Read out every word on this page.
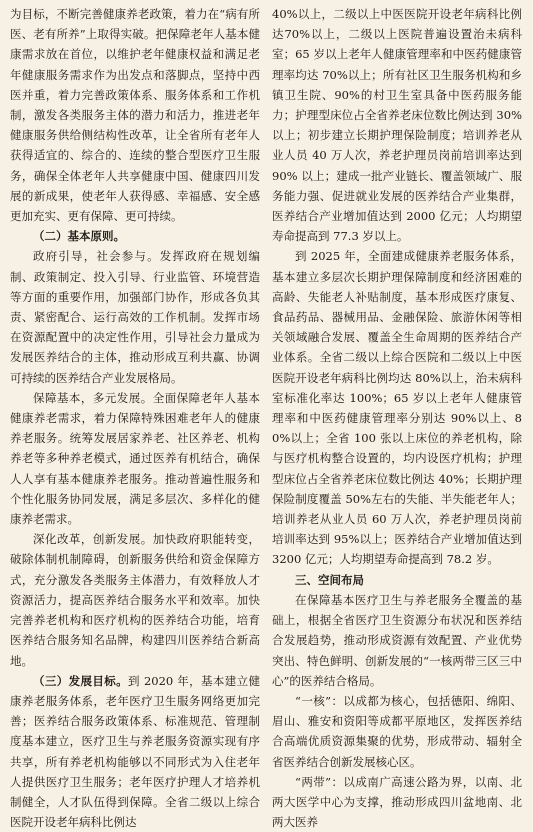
为目标，不断完善健康养老政策，着力在“病有所医、老有所养”上取得实破。把保障老年人基本健康需求放在首位，以维护老年健康权益和满足老年健康服务需求作为出发点和落脚点，坚持中西医并重，着力完善政策体系、服务体系和工作机制，激发各类服务主体的潜力和活力，推进老年健康服务供给侧结构性改革，让全省所有老年人获得适宜的、综合的、连续的整合型医疗卫生服务，确保全体老年人共享健康中国、健康四川发展的新成果，使老年人获得感、幸福感、安全感更加充实、更有保障、更可持续。

（二）基本原则。

政府引导，社会参与。发挥政府在规划编制、政策制定、投入引导、行业监管、环境营造等方面的重要作用，加强部门协作，形成各负其责、紧密配合、运行高效的工作机制。发挥市场在资源配置中的决定性作用，引导社会力量成为发展医养结合的主体，推动形成互利共赢、协调可持续的医养结合产业发展格局。

保障基本，多元发展。全面保障老年人基本健康养老需求，着力保障特殊困难老年人的健康养老服务。统筹发展居家养老、社区养老、机构养老等多种养老模式，通过医养有机结合，确保人人享有基本健康养老服务。推动普遍性服务和个性化服务协同发展，满足多层次、多样化的健康养老需求。

深化改革，创新发展。加快政府职能转变，破除体制机制障碍，创新服务供给和资金保障方式，充分激发各类服务主体潜力，有效释放人才资源活力，提高医养结合服务水平和效率。加快完善养老机构和医疗机构的医养结合功能，培育医养结合服务知名品牌，构建四川医养结合新高地。

（三）发展目标。到 2020 年，基本建立健康养老服务体系，老年医疗卫生服务网络更加完善；医养结合服务政策体系、标准规范、管理制度基本建立，医疗卫生与养老服务资源实现有序共享，所有养老机构能够以不同形式为入住老年人提供医疗卫生服务；老年医疗护理人才培养机制健全，人才队伍得到保障。全省二级以上综合医院开设老年病科比例达

40%以上，二级以上中医医院开设老年病科比例达70%以上，二级以上医院普遍设置治未病科室；65 岁以上老年人健康管理率和中医药健康管理率均达 70%以上；所有社区卫生服务机构和乡镇卫生院、90%的村卫生室具备中医药服务能力；护理型床位占全省养老床位数比例达到 30%以上；初步建立长期护理保险制度；培训养老从业人员 40 万人次，养老护理员岗前培训率达到 90% 以上；建成一批产业链长、覆盖领域广、服务能力强、促进就业发展的医养结合产业集群，医养结合产业增加值达到 2000 亿元；人均期望寿命提高到 77.3 岁以上。

到 2025 年，全面建成健康养老服务体系，基本建立多层次长期护理保障制度和经济困难的高龄、失能老人补贴制度，基本形成医疗康复、食品药品、器械用品、金融保险、旅游休闲等相关领域融合发展、覆盖全生命周期的医养结合产业体系。全省二级以上综合医院和二级以上中医医院开设老年病科比例均达 80%以上，治未病科室标准化率达 100%；65 岁以上老年人健康管理率和中医药健康管理率分别达 90%以上、80%以上；全省 100 张以上床位的养老机构，除与医疗机构整合设置的，均内设医疗机构；护理型床位占全省养老床位数比例达 40%；长期护理保险制度覆盖 50%左右的失能、半失能老年人；培训养老从业人员 60 万人次，养老护理员岗前培训率达到 95%以上；医养结合产业增加值达到3200 亿元；人均期望寿命提高到 78.2 岁。

三、空间布局

在保障基本医疗卫生与养老服务全覆盖的基础上，根据全省医疗卫生资源分布状况和医养结合发展趋势，推动形成资源有效配置、产业优势突出、特色鲜明、创新发展的“一核两带三区三中心”的医养结合格局。

“一核”：以成都为核心，包括德阳、绵阳、眉山、雅安和资阳等成都平原地区，发挥医养结合高端优质资源集聚的优势，形成带动、辐射全省医养结合创新发展核心区。

“两带”：以成南广高速公路为界，以南、北两大医学中心为支撑，推动形成四川盆地南、北两大医养
